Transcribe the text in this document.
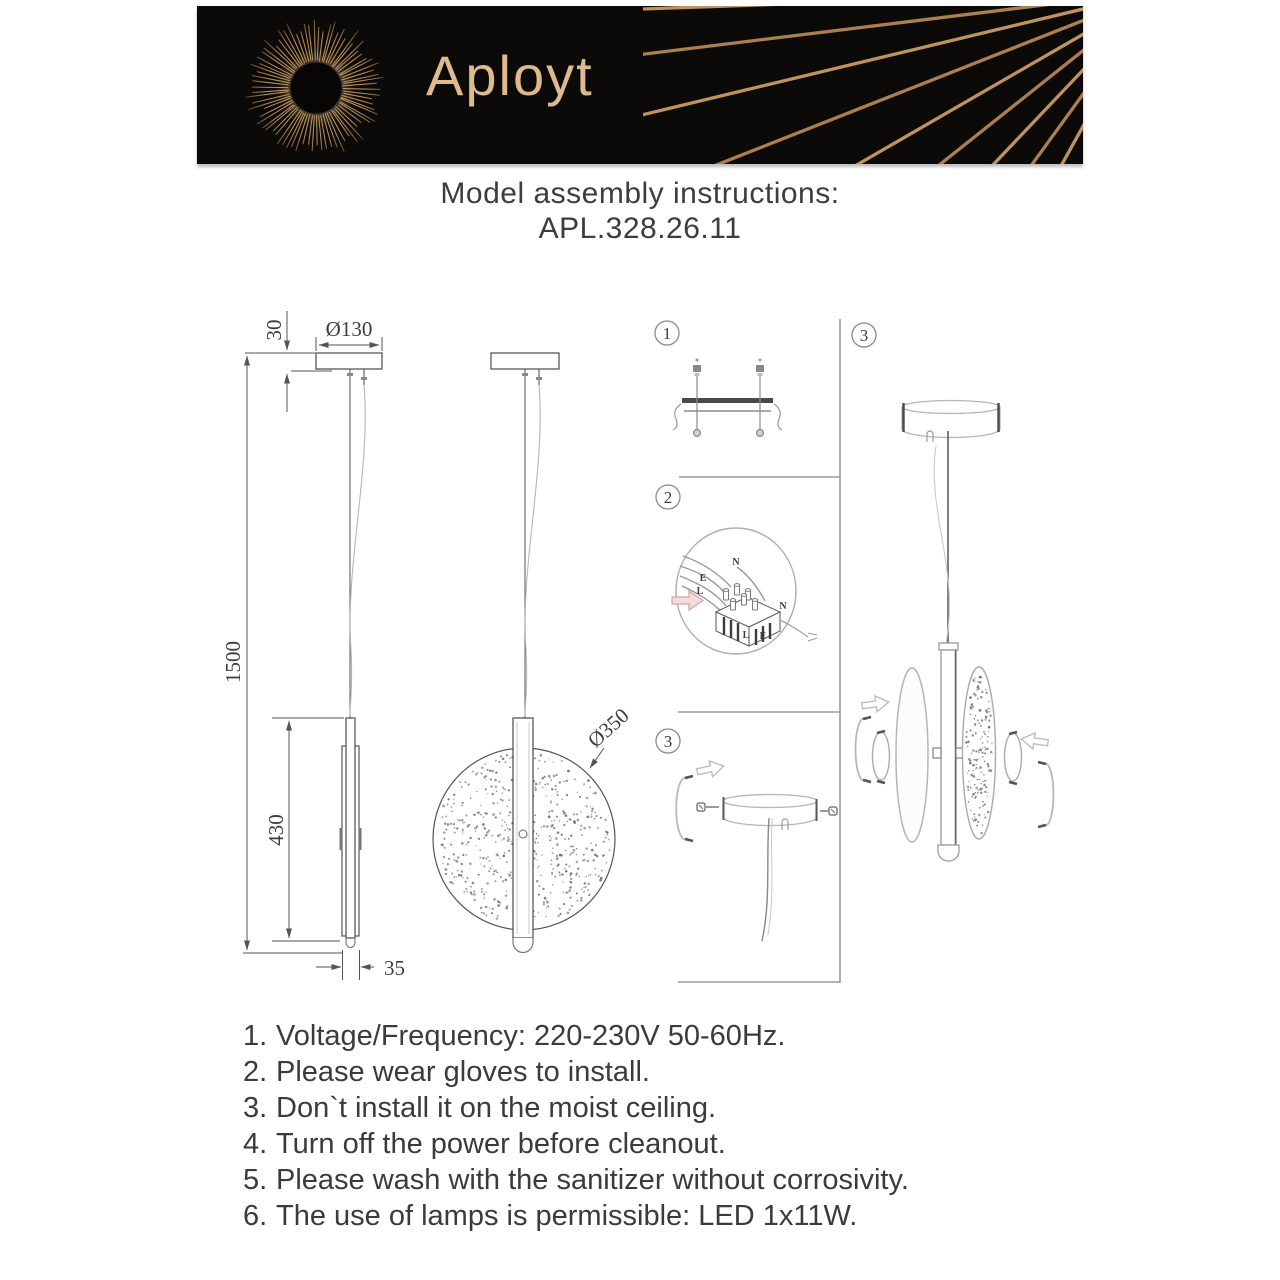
Aployt
Model assembly instructions:
APL.328.26.11
1500
30 Ø130
430
35
Ø350
1
2
N
E
L
L E
N
3
3
1. Voltage/Frequency: 220-230V 50-60Hz.
2. Please wear gloves to install.
3. Don`t install it on the moist ceiling.
4. Turn off the power before cleanout.
5. Please wash with the sanitizer without corrosivity.
6. The use of lamps is permissible: LED 1x11W.
